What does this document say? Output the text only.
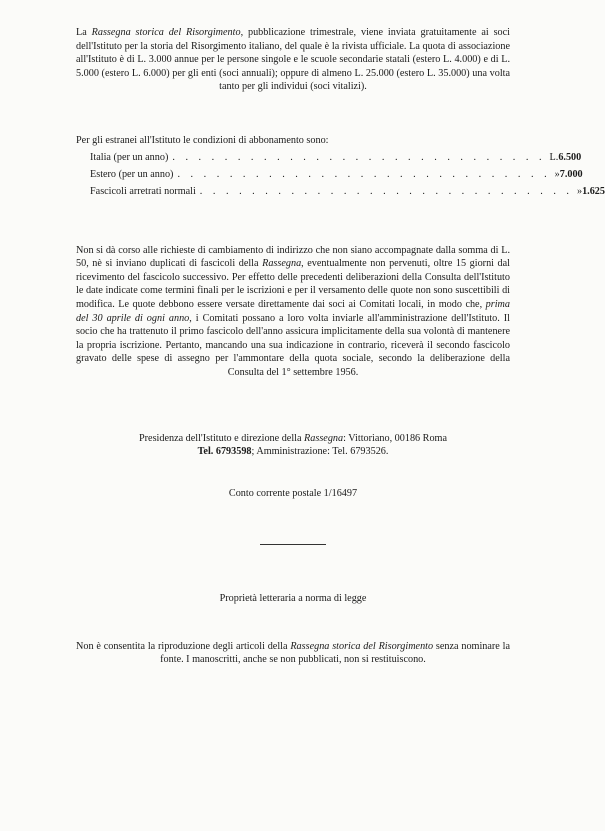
La Rassegna storica del Risorgimento, pubblicazione trimestrale, viene inviata gratuitamente ai soci dell'Istituto per la storia del Risorgimento italiano, del quale è la rivista ufficiale. La quota di associazione all'Istituto è di L. 3.000 annue per le persone singole e le scuole secondarie statali (estero L. 4.000) e di L. 5.000 (estero L. 6.000) per gli enti (soci annuali); oppure di almeno L. 25.000 (estero L. 35.000) una volta tanto per gli individui (soci vitalizi).

Per gli estranei all'Istituto le condizioni di abbonamento sono:

Italia (per un anno) . . . . . . . . . . . . . . . . . . . . . . . . . . . . . L. 6.500
Estero (per un anno) . . . . . . . . . . . . . . . . . . . . . . . . . . . . . » 7.000
Fascicoli arretrati normali . . . . . . . . . . . . . . . . . . . . . . . . . . . . . » 1.625

Non si dà corso alle richieste di cambiamento di indirizzo che non siano accompagnate dalla somma di L. 50, nè si inviano duplicati di fascicoli della Rassegna, eventualmente non pervenuti, oltre 15 giorni dal ricevimento del fascicolo successivo. Per effetto delle precedenti deliberazioni della Consulta dell'Istituto le date indicate come termini finali per le iscrizioni e per il versamento delle quote non sono suscettibili di modifica. Le quote debbono essere versate direttamente dai soci ai Comitati locali, in modo che, prima del 30 aprile di ogni anno, i Comitati possano a loro volta inviarle all'amministrazione dell'Istituto. Il socio che ha trattenuto il primo fascicolo dell'anno assicura implicitamente della sua volontà di mantenere la propria iscrizione. Pertanto, mancando una sua indicazione in contrario, riceverà il secondo fascicolo gravato delle spese di assegno per l'ammontare della quota sociale, secondo la deliberazione della Consulta del 1° settembre 1956.

Presidenza dell'Istituto e direzione della Rassegna: Vittoriano, 00186 Roma
Tel. 6793598; Amministrazione: Tel. 6793526.

Conto corrente postale 1/16497

Proprietà letteraria a norma di legge

Non è consentita la riproduzione degli articoli della Rassegna storica del Risorgimento senza nominare la fonte. I manoscritti, anche se non pubblicati, non si restituiscono.
